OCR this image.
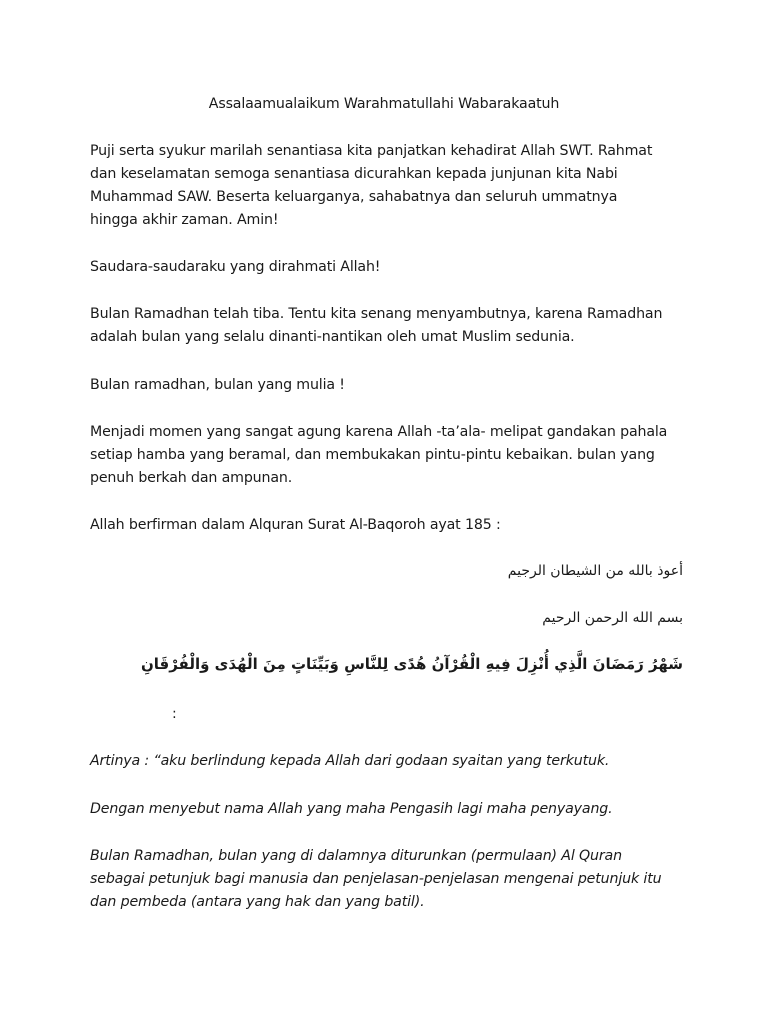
Assalaamualaikum Warahmatullahi Wabarakaatuh
Puji serta syukur marilah senantiasa kita panjatkan kehadirat Allah SWT. Rahmat
dan keselamatan semoga senantiasa dicurahkan kepada junjunan kita Nabi
Muhammad SAW. Beserta keluarganya, sahabatnya dan seluruh ummatnya
hingga akhir zaman. Amin!
Saudara-saudaraku yang dirahmati Allah!
Bulan Ramadhan telah tiba. Tentu kita senang menyambutnya, karena Ramadhan
adalah bulan yang selalu dinanti-nantikan oleh umat Muslim sedunia.
Bulan ramadhan, bulan yang mulia !
Menjadi momen yang sangat agung karena Allah -ta’ala- melipat gandakan pahala
setiap hamba yang beramal, dan membukakan pintu-pintu kebaikan. bulan yang
penuh berkah dan ampunan.
Allah berfirman dalam Alquran Surat Al-Baqoroh ayat 185 :
أعوذ بالله من الشيطان الرجيم
بسم الله الرحمن الرحيم
شَهْرُ رَمَضَانَ الَّذِي أُنْزِلَ فِيهِ الْقُرْآنُ هُدًى لِلنَّاسِ وَبَيِّنَاتٍ مِنَ الْهُدَى وَالْفُرْقَانِ
:
Artinya : “aku berlindung kepada Allah dari godaan syaitan yang terkutuk.
Dengan menyebut nama Allah yang maha Pengasih lagi maha penyayang.
Bulan Ramadhan, bulan yang di dalamnya diturunkan (permulaan) Al Quran
sebagai petunjuk bagi manusia dan penjelasan-penjelasan mengenai petunjuk itu
dan pembeda (antara yang hak dan yang batil).
